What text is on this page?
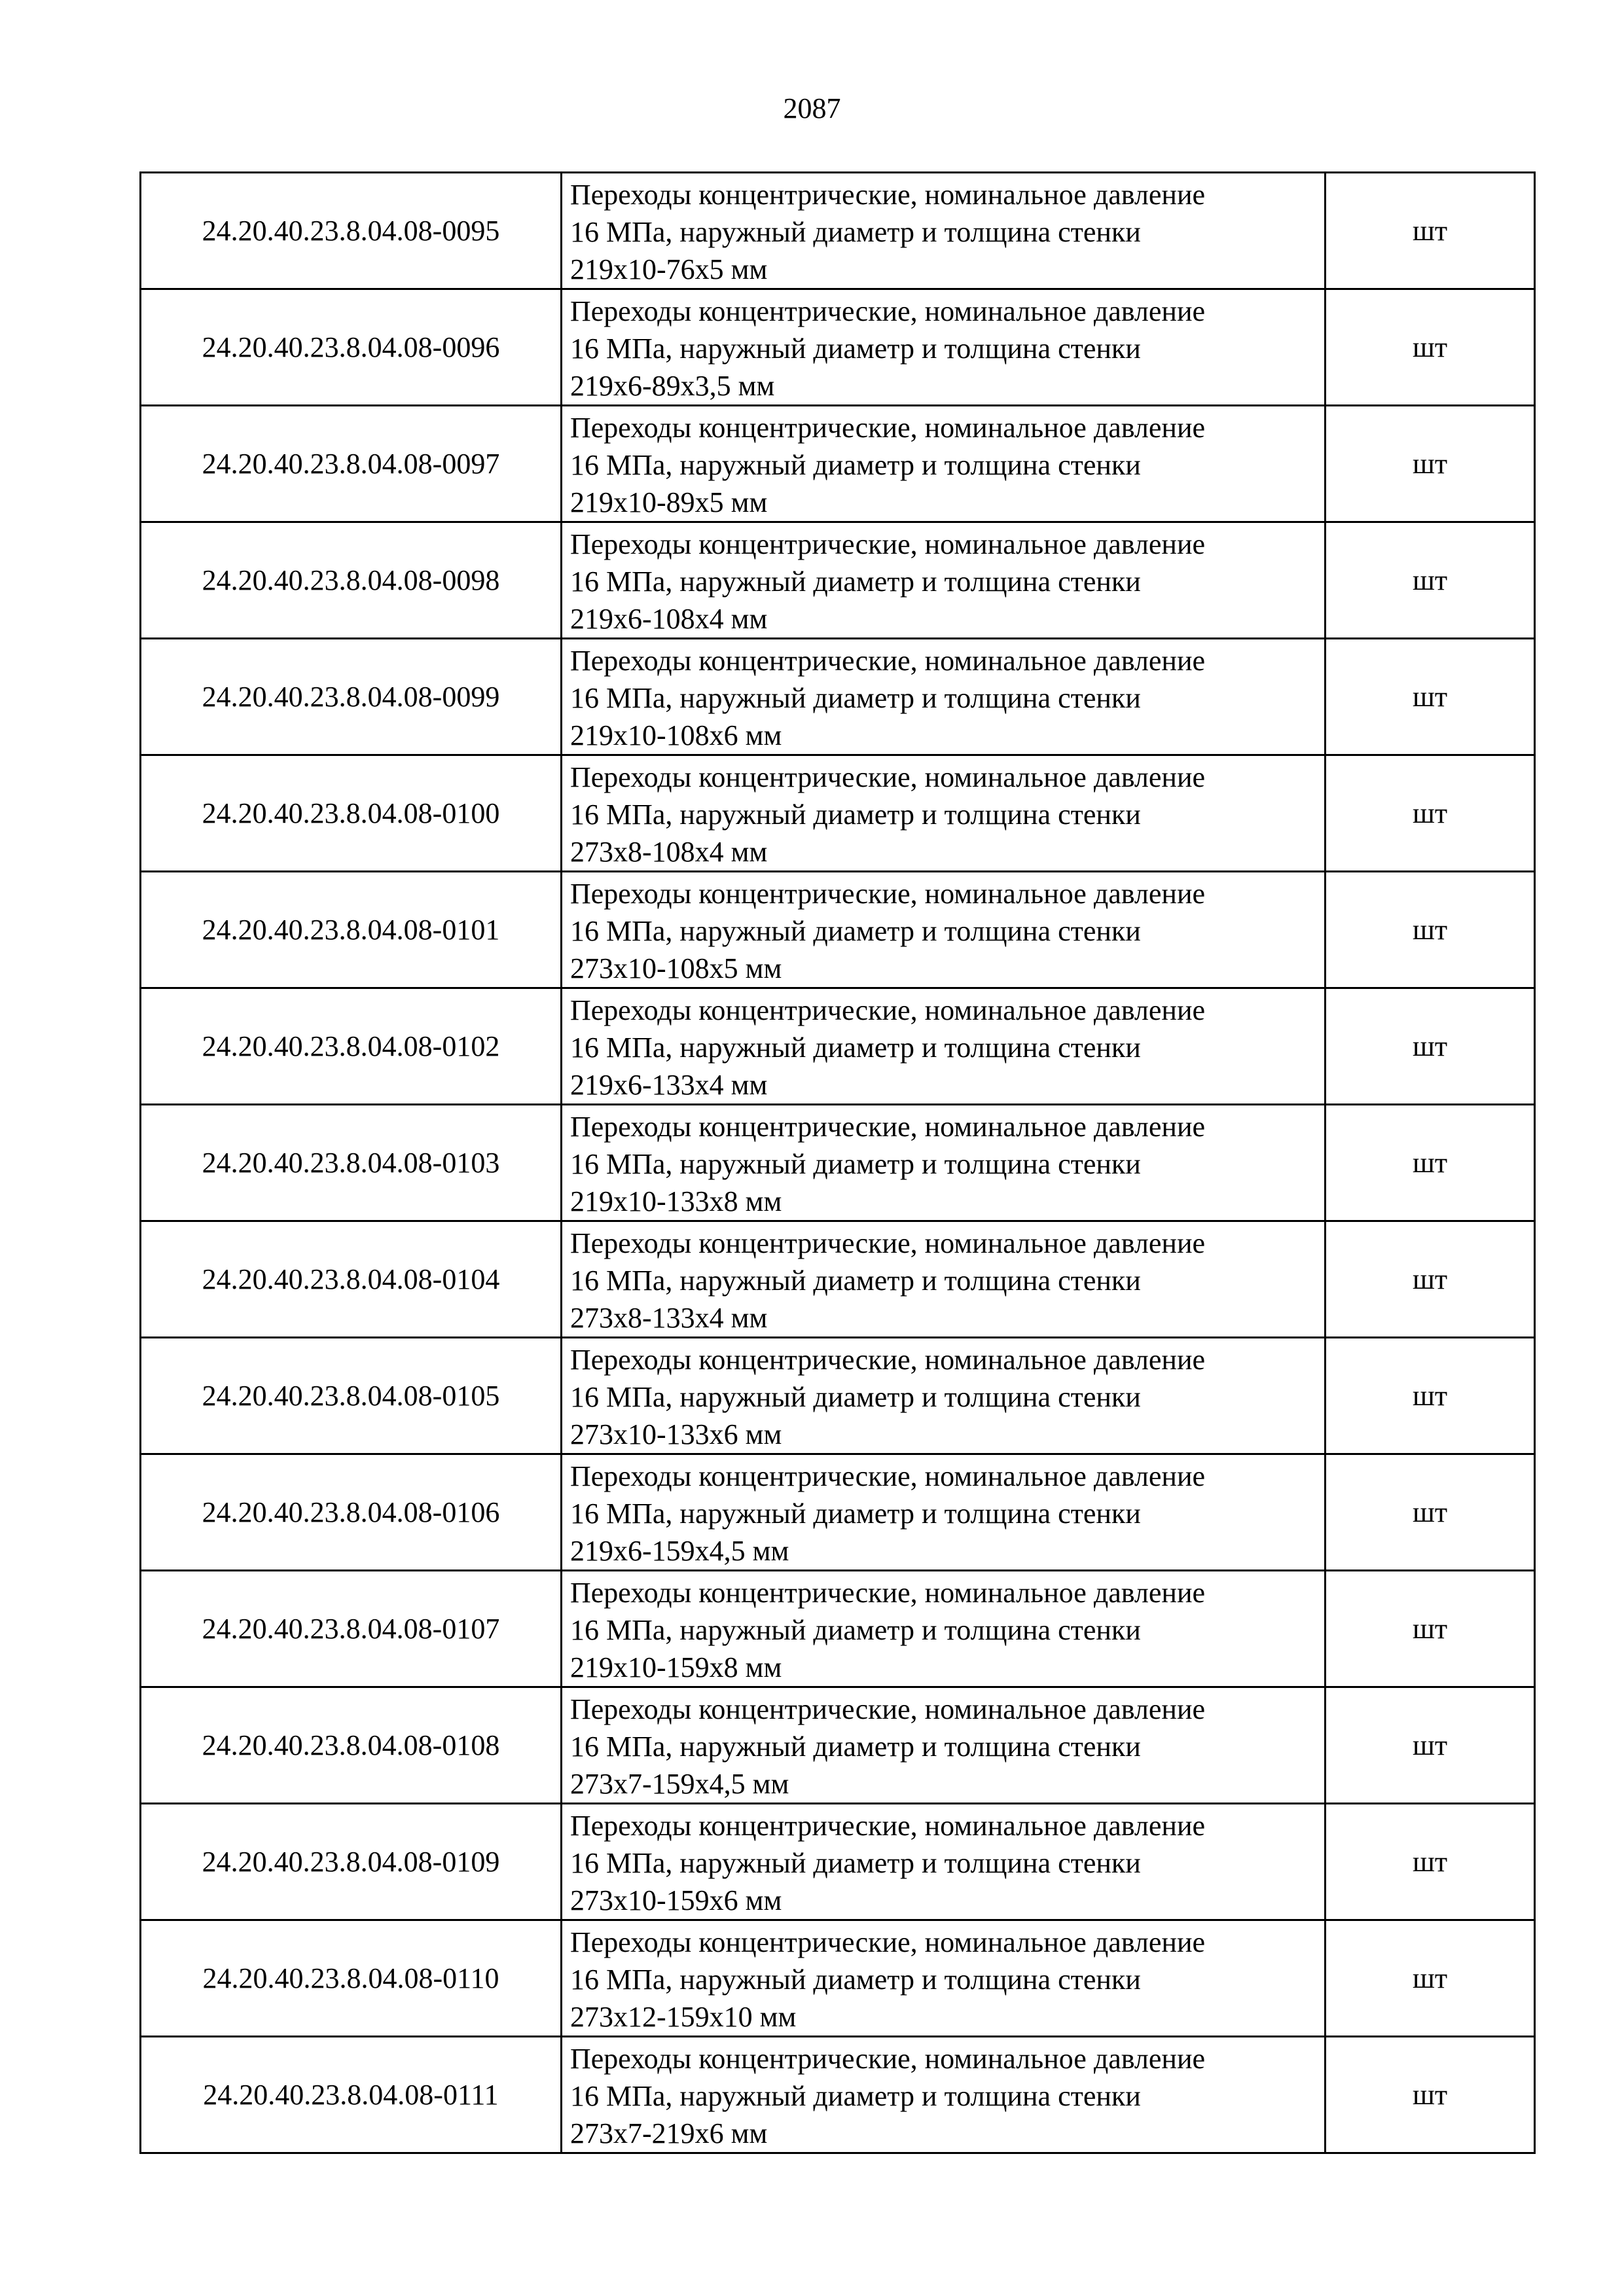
2087
24.20.40.23.8.04.08-0095	Переходы концентрические, номинальное давление
16 МПа, наружный диаметр и толщина стенки
219х10-76х5 мм	шт
24.20.40.23.8.04.08-0096	Переходы концентрические, номинальное давление
16 МПа, наружный диаметр и толщина стенки
219х6-89х3,5 мм	шт
24.20.40.23.8.04.08-0097	Переходы концентрические, номинальное давление
16 МПа, наружный диаметр и толщина стенки
219х10-89х5 мм	шт
24.20.40.23.8.04.08-0098	Переходы концентрические, номинальное давление
16 МПа, наружный диаметр и толщина стенки
219х6-108х4 мм	шт
24.20.40.23.8.04.08-0099	Переходы концентрические, номинальное давление
16 МПа, наружный диаметр и толщина стенки
219х10-108х6 мм	шт
24.20.40.23.8.04.08-0100	Переходы концентрические, номинальное давление
16 МПа, наружный диаметр и толщина стенки
273х8-108х4 мм	шт
24.20.40.23.8.04.08-0101	Переходы концентрические, номинальное давление
16 МПа, наружный диаметр и толщина стенки
273х10-108х5 мм	шт
24.20.40.23.8.04.08-0102	Переходы концентрические, номинальное давление
16 МПа, наружный диаметр и толщина стенки
219х6-133х4 мм	шт
24.20.40.23.8.04.08-0103	Переходы концентрические, номинальное давление
16 МПа, наружный диаметр и толщина стенки
219х10-133х8 мм	шт
24.20.40.23.8.04.08-0104	Переходы концентрические, номинальное давление
16 МПа, наружный диаметр и толщина стенки
273х8-133х4 мм	шт
24.20.40.23.8.04.08-0105	Переходы концентрические, номинальное давление
16 МПа, наружный диаметр и толщина стенки
273х10-133х6 мм	шт
24.20.40.23.8.04.08-0106	Переходы концентрические, номинальное давление
16 МПа, наружный диаметр и толщина стенки
219х6-159х4,5 мм	шт
24.20.40.23.8.04.08-0107	Переходы концентрические, номинальное давление
16 МПа, наружный диаметр и толщина стенки
219х10-159х8 мм	шт
24.20.40.23.8.04.08-0108	Переходы концентрические, номинальное давление
16 МПа, наружный диаметр и толщина стенки
273х7-159х4,5 мм	шт
24.20.40.23.8.04.08-0109	Переходы концентрические, номинальное давление
16 МПа, наружный диаметр и толщина стенки
273х10-159х6 мм	шт
24.20.40.23.8.04.08-0110	Переходы концентрические, номинальное давление
16 МПа, наружный диаметр и толщина стенки
273х12-159х10 мм	шт
24.20.40.23.8.04.08-0111	Переходы концентрические, номинальное давление
16 МПа, наружный диаметр и толщина стенки
273х7-219х6 мм	шт
